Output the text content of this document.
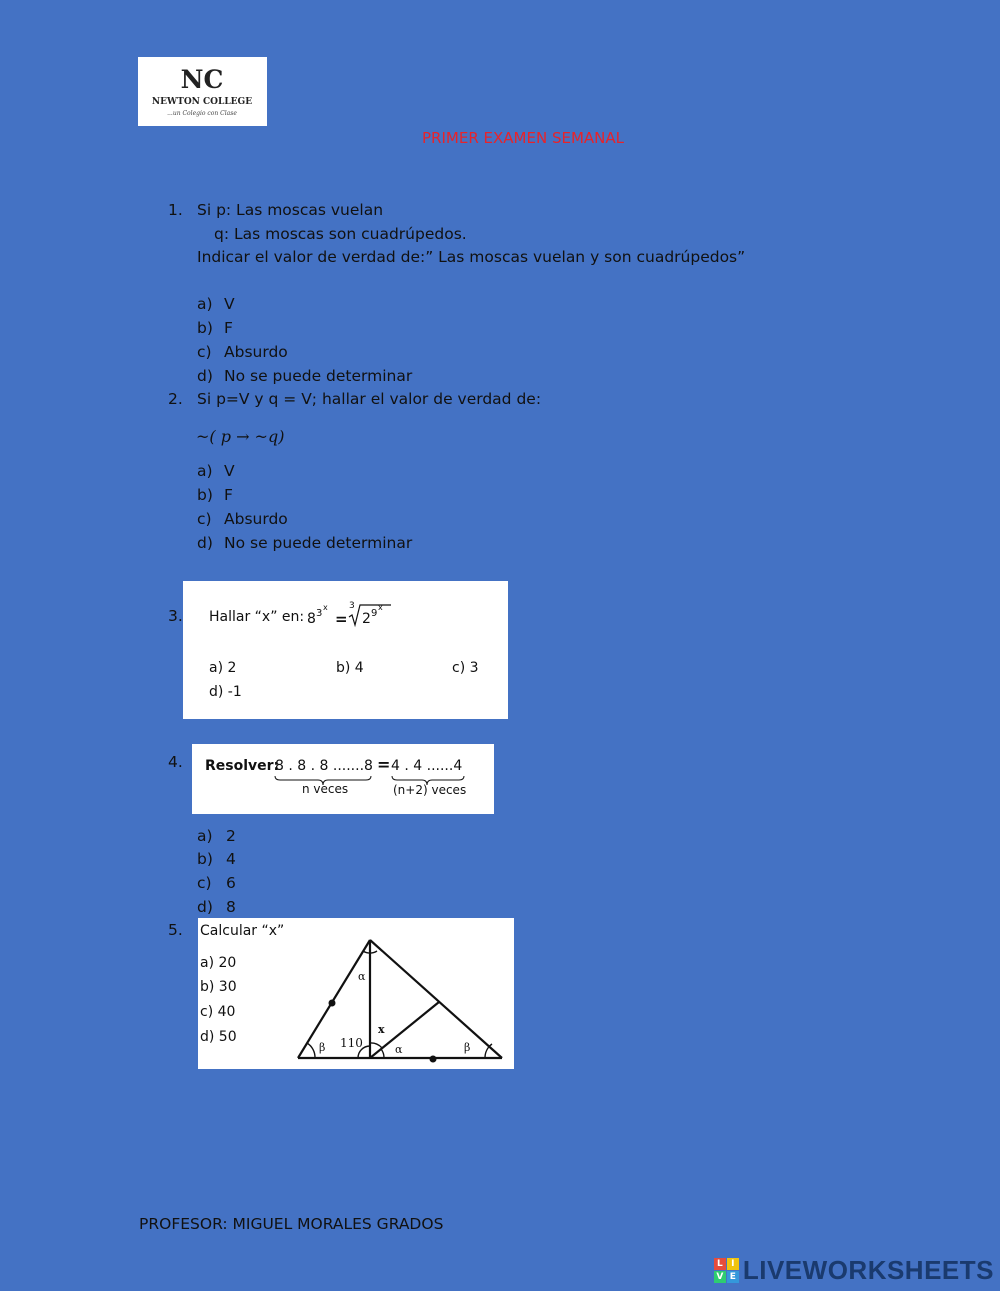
NC
NEWTON COLLEGE
...un Colegio con Clase
PRIMER EXAMEN SEMANAL
1. Si p: Las moscas vuelan
q: Las moscas son cuadrúpedos.
Indicar el valor de verdad de:” Las moscas vuelan y son cuadrúpedos”
a) V
b) F
c) Absurdo
d) No se puede determinar
2. Si p=V y q = V; hallar el valor de verdad de:
~( p → ~q)
a) V
b) F
c) Absurdo
d) No se puede determinar
3.	Hallar “x” en: 8 3
x
=
3
2 9
x
a) 2	b) 4	c) 3
d) -1
4.	Resolver:
8 . 8 . 8 .......8 = 4 . 4 ......4
n veces	(n+2) veces
a) 2
b) 4
c) 6
d) 8
5.	Calcular “x”
a) 20
b) 30
c) 40
d) 50
α
β	β
α
110
x
PROFESOR: MIGUEL MORALES GRADOS
L I
V E LIVEWORKSHEETS
